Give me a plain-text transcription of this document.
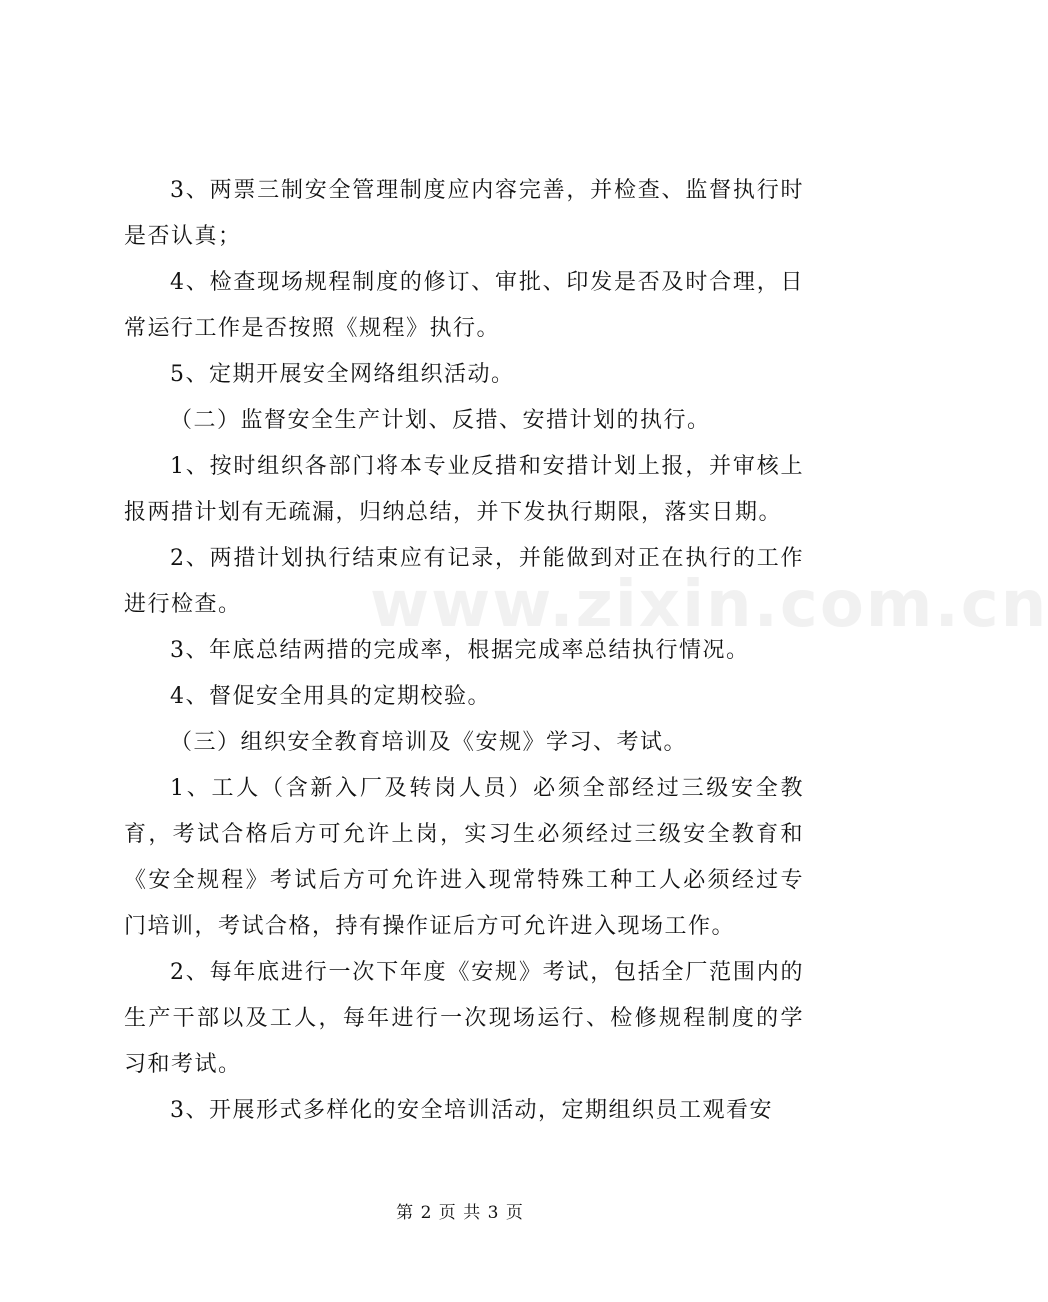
3、两票三制安全管理制度应内容完善，并检查、监督执行时是否认真；

4、检查现场规程制度的修订、审批、印发是否及时合理，日常运行工作是否按照《规程》执行。

5、定期开展安全网络组织活动。

（二）监督安全生产计划、反措、安措计划的执行。

1、按时组织各部门将本专业反措和安措计划上报，并审核上报两措计划有无疏漏，归纳总结，并下发执行期限，落实日期。

2、两措计划执行结束应有记录，并能做到对正在执行的工作进行检查。

3、年底总结两措的完成率，根据完成率总结执行情况。

4、督促安全用具的定期校验。

（三）组织安全教育培训及《安规》学习、考试。

1、工人（含新入厂及转岗人员）必须全部经过三级安全教育，考试合格后方可允许上岗，实习生必须经过三级安全教育和《安全规程》考试后方可允许进入现常特殊工种工人必须经过专门培训，考试合格，持有操作证后方可允许进入现场工作。

2、每年底进行一次下年度《安规》考试，包括全厂范围内的生产干部以及工人，每年进行一次现场运行、检修规程制度的学习和考试。

3、开展形式多样化的安全培训活动，定期组织员工观看安

www.zixin.com.cn
第 2 页 共 3 页
